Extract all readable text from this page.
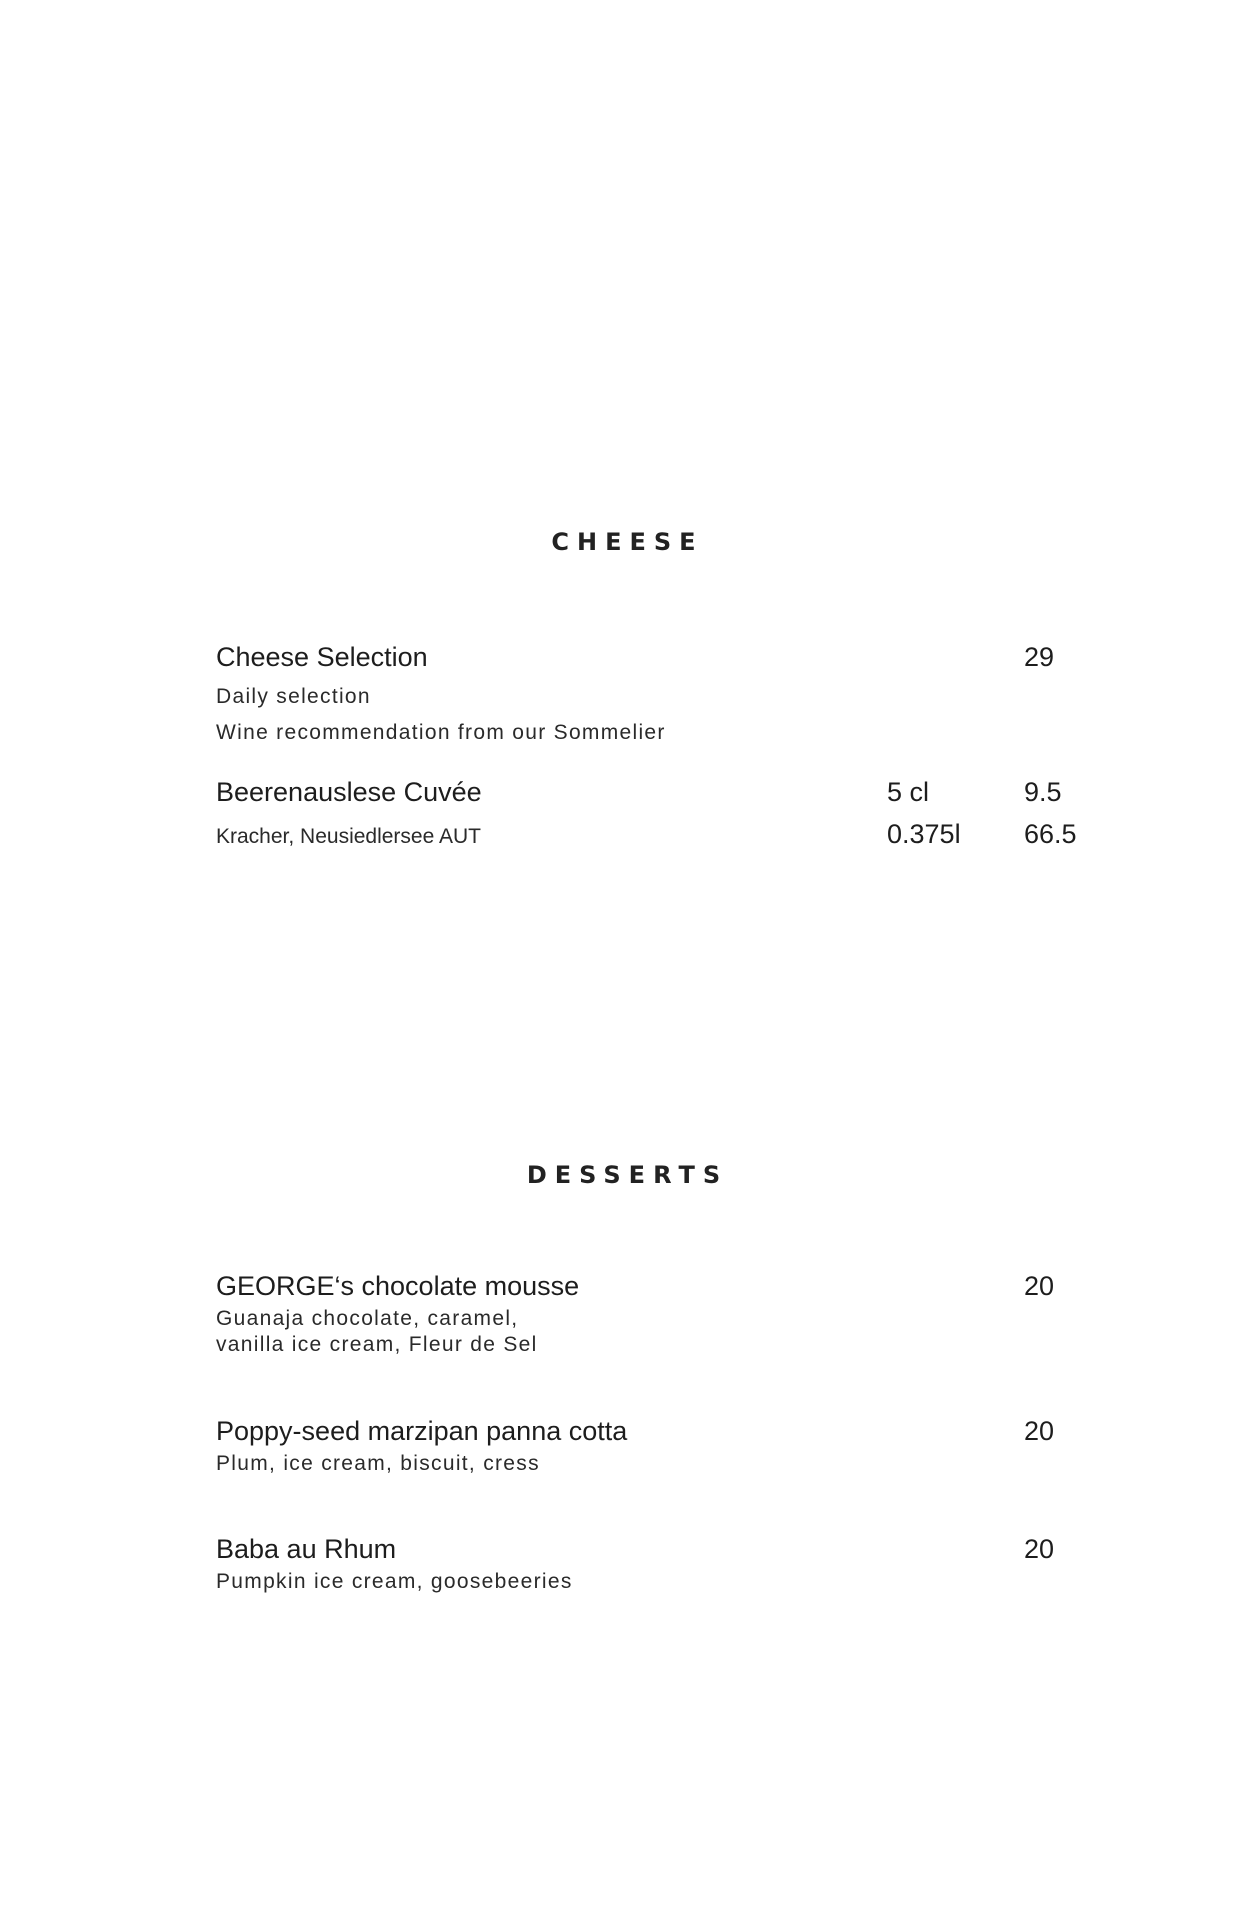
CHEESE
Cheese Selection	29
Daily selection
Wine recommendation from our Sommelier
Beerenauslese Cuvée	5 cl	9.5
Kracher, Neusiedlersee AUT	0.375l 66.5
DESSERTS
GEORGE‘s chocolate mousse	20
Guanaja chocolate, caramel,
vanilla ice cream, Fleur de Sel
Poppy-seed marzipan panna cotta	20
Plum, ice cream, biscuit, cress
Baba au Rhum	20
Pumpkin ice cream, goosebeeries
